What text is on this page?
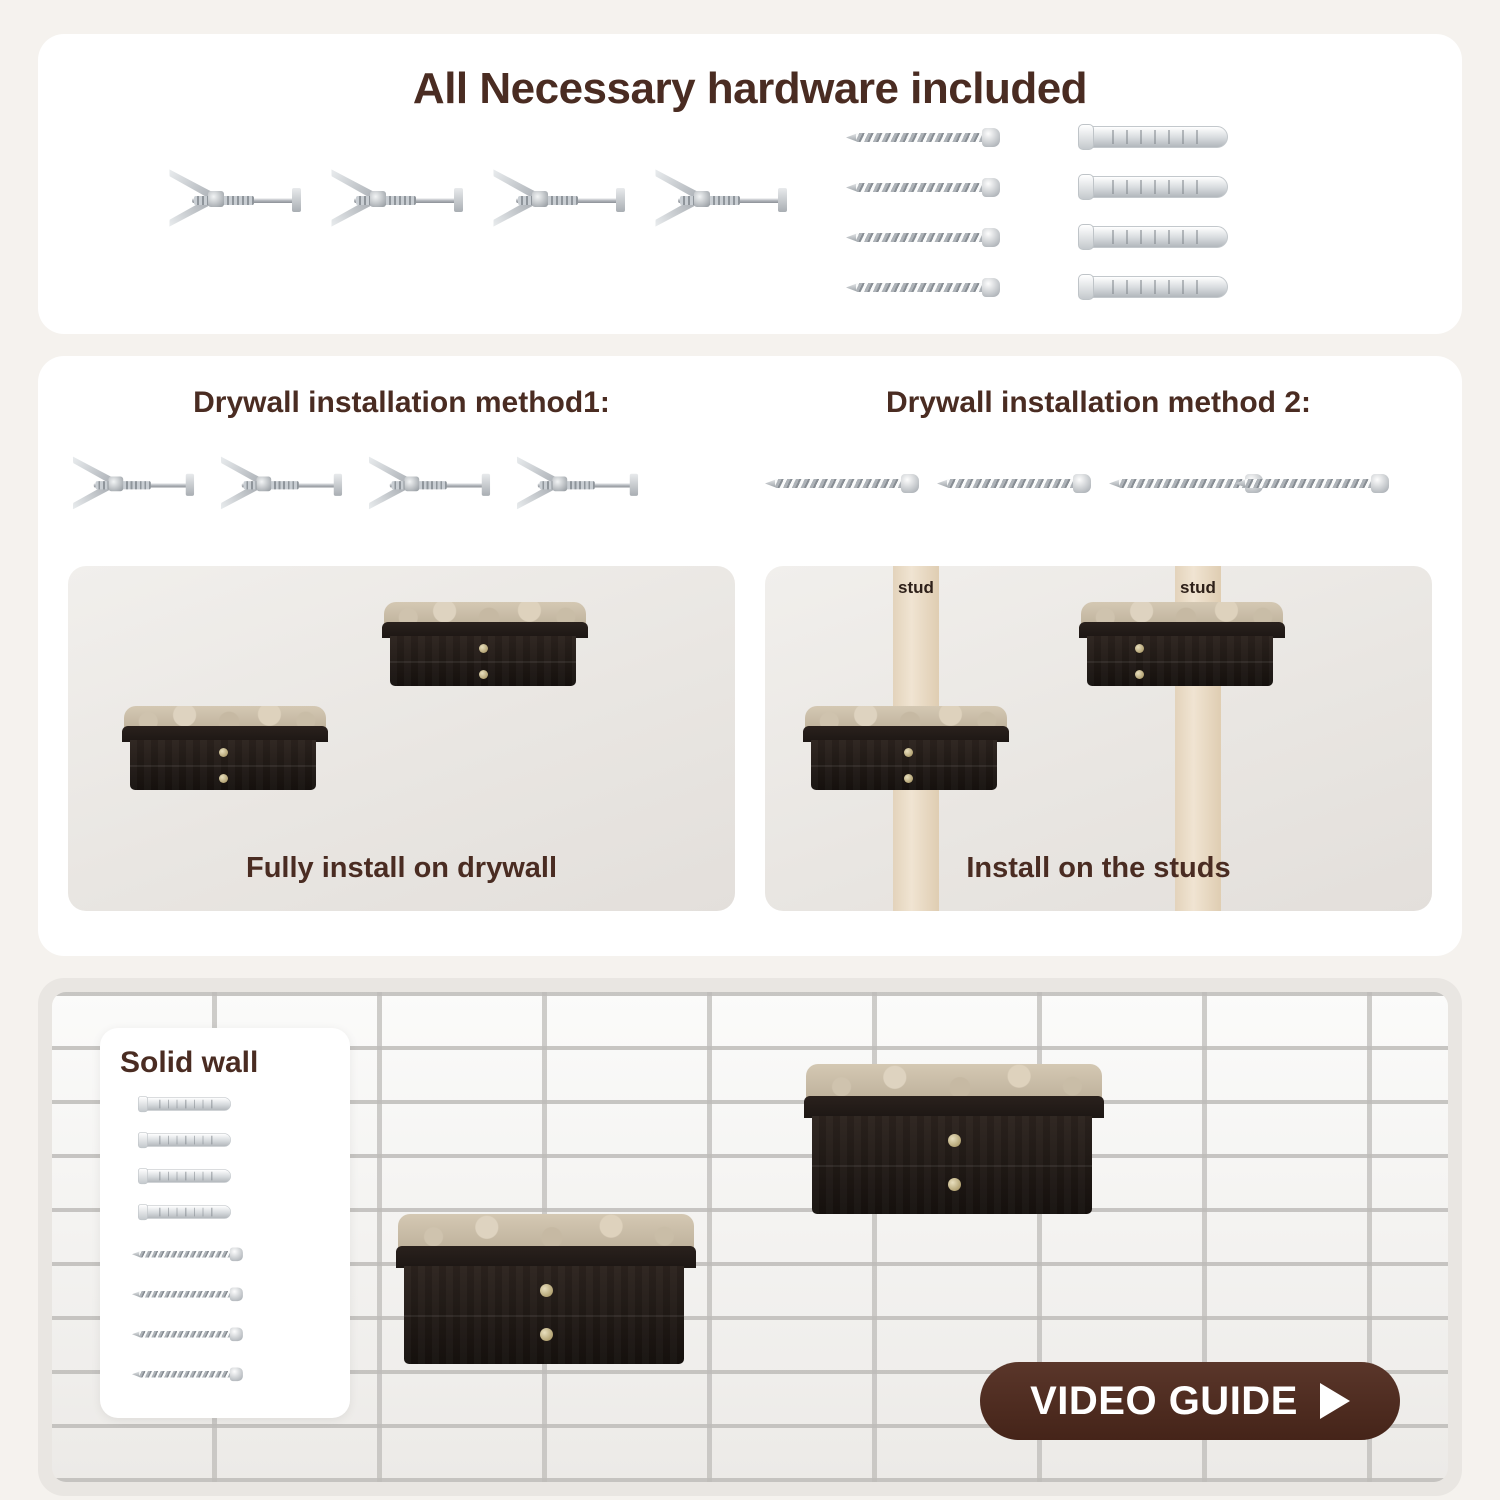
All Necessary hardware included
Drywall installation method1:
Fully install on drywall
Drywall installation method 2:
stud	stud
Install on the studs
Solid wall
VIDEO GUIDE
